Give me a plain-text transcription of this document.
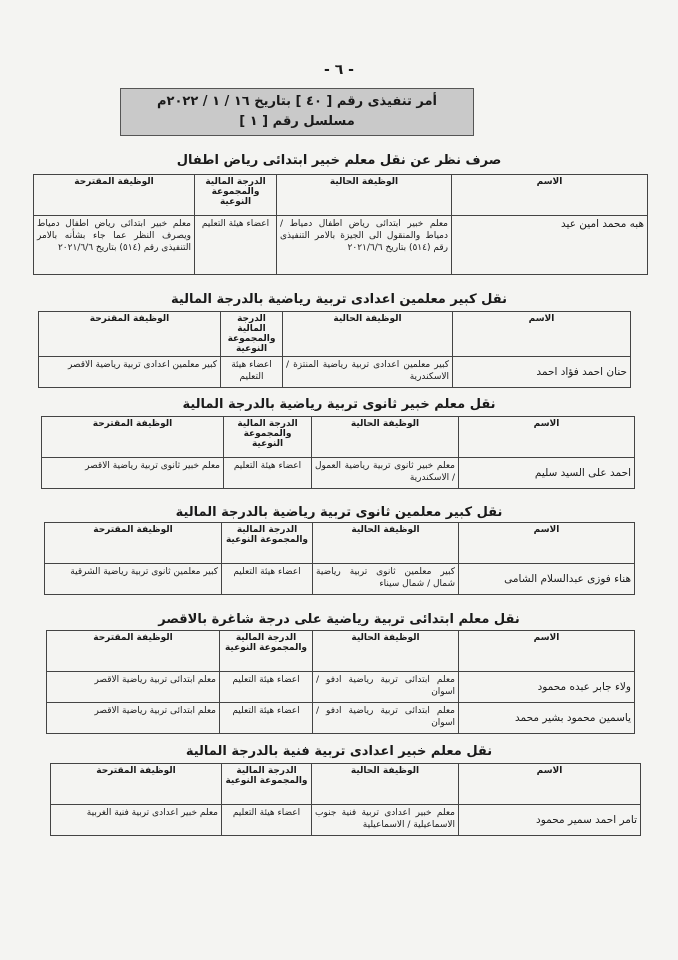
- ٦ -
أمر تنفيذى رقم [ ٤٠ ] بتاريخ ١٦ / ١ / ٢٠٢٢م
مسلسل رقم [ ١ ]
صرف نظر عن نقل معلم خبير ابتدائى رياض اطفال
الاسم	الوظيفة الحالية	الدرجة المالية والمجموعة النوعية	الوظيفة المقترحة
هبه محمد امين عيد	معلم خبير ابتدائى رياض اطفال دمياط / دمياط والمنقول الى الجيزة بالامر التنفيذى رقم (٥١٤) بتاريخ ٢٠٢١/٦/٦	اعضاء هيئة التعليم	معلم خبير ابتدائى رياض اطفال دمياط ويصرف النظر عما جاء بشأنه بالامر التنفيذى رقم (٥١٤) بتاريخ ٢٠٢١/٦/٦
نقل كبير معلمين اعدادى تربية رياضية بالدرجة المالية
الاسم	الوظيفة الحالية	الدرجة المالية والمجموعة النوعية	الوظيفة المقترحة
حنان احمد فؤاد احمد	كبير معلمين اعدادى تربية رياضية المنتزة / الاسكندرية	اعضاء هيئة التعليم	كبير معلمين اعدادى تربية رياضية الاقصر
نقل معلم خبير ثانوى تربية رياضية بالدرجة المالية
الاسم	الوظيفة الحالية	الدرجة المالية والمجموعة النوعية	الوظيفة المقترحة
احمد على السيد سليم	معلم خبير ثانوى تربية رياضية العمول / الاسكندرية	اعضاء هيئة التعليم	معلم خبير ثانوى تربية رياضية الاقصر
نقل كبير معلمين ثانوى تربية رياضية بالدرجة المالية
الاسم	الوظيفة الحالية	الدرجة المالية والمجموعة النوعية	الوظيفة المقترحة
هناء فوزى عبدالسلام الشامى	كبير معلمين ثانوى تربية رياضية شمال / شمال سيناء	اعضاء هيئة التعليم	كبير معلمين ثانوى تربية رياضية الشرقية
نقل معلم ابتدائى تربية رياضية على درجة شاغرة بالاقصر
الاسم	الوظيفة الحالية	الدرجة المالية والمجموعة النوعية	الوظيفة المقترحة
ولاء جابر عبده محمود	معلم ابتدائى تربية رياضية ادفو / اسوان	اعضاء هيئة التعليم	معلم ابتدائى تربية رياضية الاقصر
ياسمين محمود بشير محمد	معلم ابتدائى تربية رياضية ادفو / اسوان	اعضاء هيئة التعليم	معلم ابتدائى تربية رياضية الاقصر
نقل معلم خبير اعدادى تربية فنية بالدرجة المالية
الاسم	الوظيفة الحالية	الدرجة المالية والمجموعة النوعية	الوظيفة المقترحة
تامر احمد سمير محمود	معلم خبير اعدادى تربية فنية جنوب الاسماعيلية / الاسماعيلية	اعضاء هيئة التعليم	معلم خبير اعدادى تربية فنية الغربية
